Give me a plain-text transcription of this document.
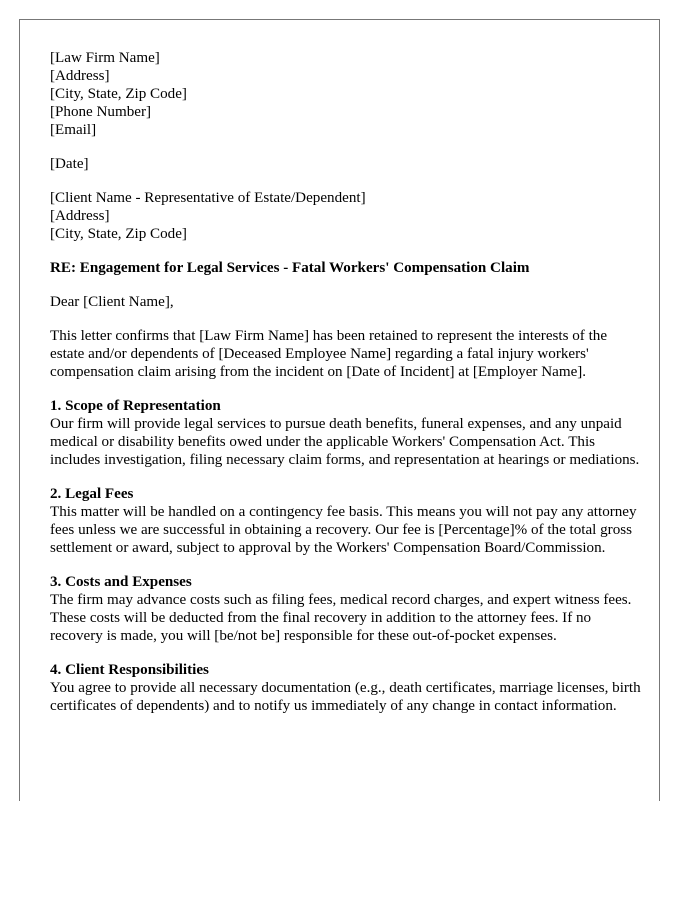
[Law Firm Name]
[Address]
[City, State, Zip Code]
[Phone Number]
[Email]
[Date]
[Client Name - Representative of Estate/Dependent]
[Address]
[City, State, Zip Code]

RE: Engagement for Legal Services - Fatal Workers' Compensation Claim

Dear [Client Name],

This letter confirms that [Law Firm Name] has been retained to represent the interests of the estate and/or dependents of [Deceased Employee Name] regarding a fatal injury workers' compensation claim arising from the incident on [Date of Incident] at [Employer Name].

1. Scope of Representation
Our firm will provide legal services to pursue death benefits, funeral expenses, and any unpaid medical or disability benefits owed under the applicable Workers' Compensation Act. This includes investigation, filing necessary claim forms, and representation at hearings or mediations.
2. Legal Fees
This matter will be handled on a contingency fee basis. This means you will not pay any attorney fees unless we are successful in obtaining a recovery. Our fee is [Percentage]% of the total gross settlement or award, subject to approval by the Workers' Compensation Board/Commission.
3. Costs and Expenses
The firm may advance costs such as filing fees, medical record charges, and expert witness fees. These costs will be deducted from the final recovery in addition to the attorney fees. If no recovery is made, you will [be/not be] responsible for these out-of-pocket expenses.
4. Client Responsibilities
You agree to provide all necessary documentation (e.g., death certificates, marriage licenses, birth certificates of dependents) and to notify us immediately of any change in contact information.
